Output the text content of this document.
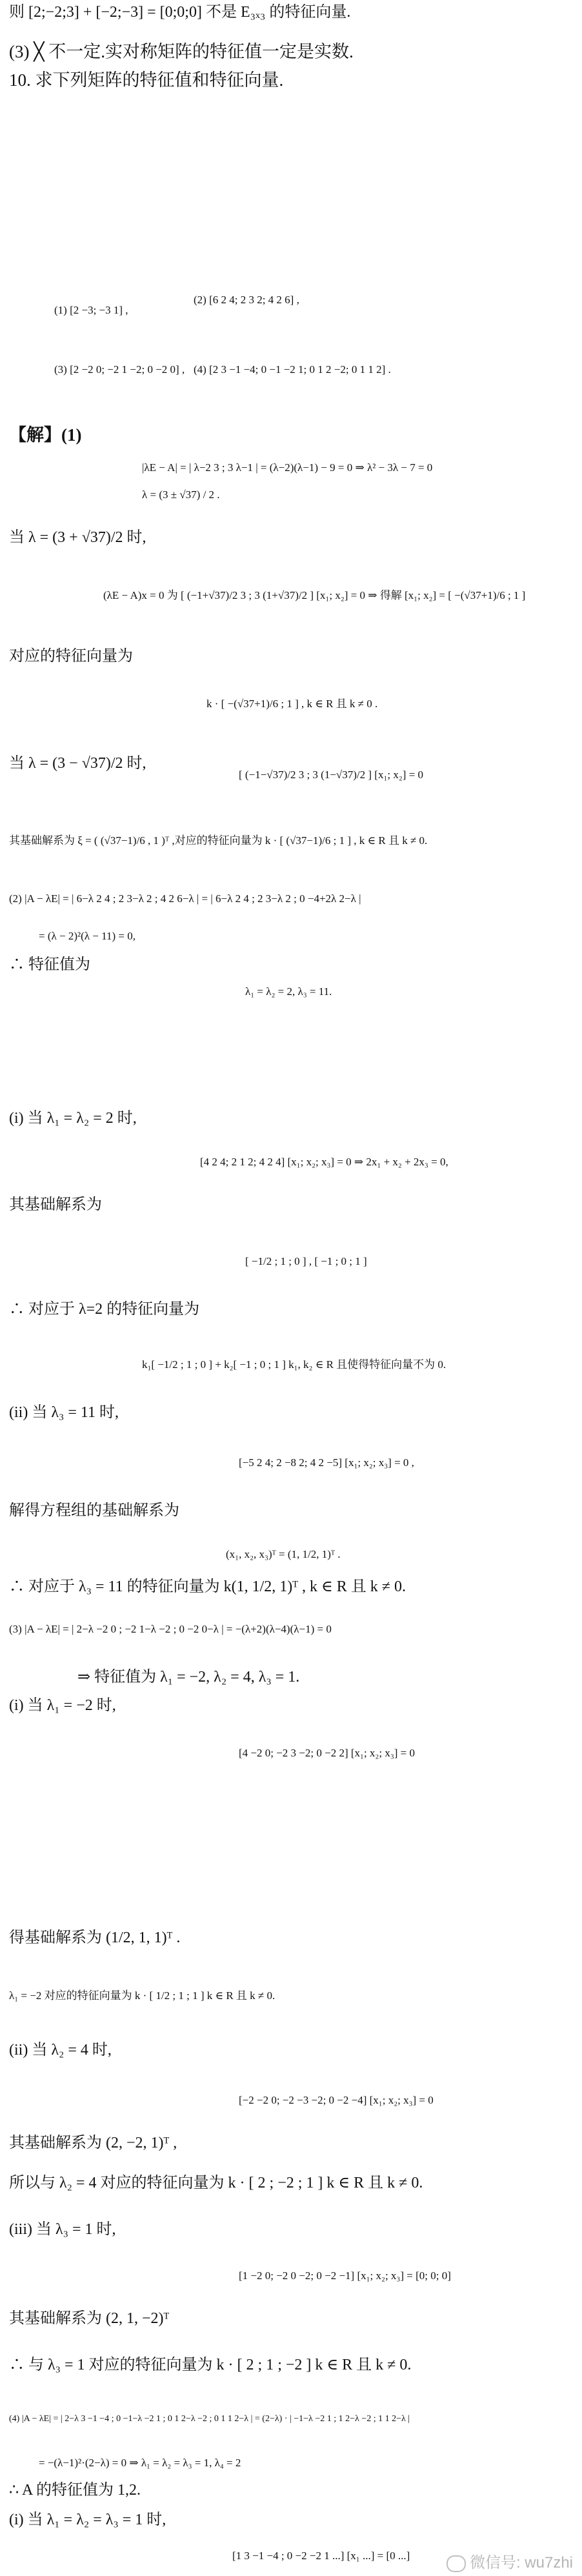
则 [2;−2;3] + [−2;−3] = [0;0;0] 不是 E₃ₓ₃ 的特征向量.
(3) ╳ 不一定.实对称矩阵的特征值一定是实数.
10. 求下列矩阵的特征值和特征向量.
(1) [2 −3; −3 1] ,
(2) [6 2 4; 2 3 2; 4 2 6] ,
(3) [2 −2 0; −2 1 −2; 0 −2 0] , (4) [2 3 −1 −4; 0 −1 −2 1; 0 1 2 −2; 0 1 1 2] .
【解】(1)
|λE − A| = | λ−2 3 ; 3 λ−1 | = (λ−2)(λ−1) − 9 = 0 ⇒ λ² − 3λ − 7 = 0
λ = (3 ± √37) / 2 .
当 λ = (3 + √37)/2 时,
(λE − A)x = 0 为 [ (−1+√37)/2 3 ; 3 (1+√37)/2 ] [x₁; x₂] = 0 ⇒ 得解 [x₁; x₂] = [ −(√37+1)/6 ; 1 ]
对应的特征向量为
k · [ −(√37+1)/6 ; 1 ] , k ∈ R 且 k ≠ 0 .
当 λ = (3 − √37)/2 时,
[ (−1−√37)/2 3 ; 3 (1−√37)/2 ] [x₁; x₂] = 0
其基础解系为 ξ = ( (√37−1)/6 , 1 )ᵀ ,对应的特征向量为 k · [ (√37−1)/6 ; 1 ] , k ∈ R 且 k ≠ 0.
(2) |A − λE| = | 6−λ 2 4 ; 2 3−λ 2 ; 4 2 6−λ | = | 6−λ 2 4 ; 2 3−λ 2 ; 0 −4+2λ 2−λ |
= (λ − 2)²(λ − 11) = 0,
∴ 特征值为
λ₁ = λ₂ = 2, λ₃ = 11.
(i) 当 λ₁ = λ₂ = 2 时,
[4 2 4; 2 1 2; 4 2 4] [x₁; x₂; x₃] = 0 ⇒ 2x₁ + x₂ + 2x₃ = 0,
其基础解系为
[ −1/2 ; 1 ; 0 ] , [ −1 ; 0 ; 1 ]
∴ 对应于 λ=2 的特征向量为
k₁[ −1/2 ; 1 ; 0 ] + k₂[ −1 ; 0 ; 1 ] k₁, k₂ ∈ R 且使得特征向量不为 0.
(ii) 当 λ₃ = 11 时,
[−5 2 4; 2 −8 2; 4 2 −5] [x₁; x₂; x₃] = 0 ,
解得方程组的基础解系为
(x₁, x₂, x₃)ᵀ = (1, 1/2, 1)ᵀ .
∴ 对应于 λ₃ = 11 的特征向量为 k(1, 1/2, 1)ᵀ , k ∈ R 且 k ≠ 0.
(3) |A − λE| = | 2−λ −2 0 ; −2 1−λ −2 ; 0 −2 0−λ | = −(λ+2)(λ−4)(λ−1) = 0
⇒ 特征值为 λ₁ = −2, λ₂ = 4, λ₃ = 1.
(i) 当 λ₁ = −2 时,
[4 −2 0; −2 3 −2; 0 −2 2] [x₁; x₂; x₃] = 0
得基础解系为 (1/2, 1, 1)ᵀ .
λ₁ = −2 对应的特征向量为 k · [ 1/2 ; 1 ; 1 ] k ∈ R 且 k ≠ 0.
(ii) 当 λ₂ = 4 时,
[−2 −2 0; −2 −3 −2; 0 −2 −4] [x₁; x₂; x₃] = 0
其基础解系为 (2, −2, 1)ᵀ ,
所以与 λ₂ = 4 对应的特征向量为 k · [ 2 ; −2 ; 1 ] k ∈ R 且 k ≠ 0.
(iii) 当 λ₃ = 1 时,
[1 −2 0; −2 0 −2; 0 −2 −1] [x₁; x₂; x₃] = [0; 0; 0]
其基础解系为 (2, 1, −2)ᵀ
∴ 与 λ₃ = 1 对应的特征向量为 k · [ 2 ; 1 ; −2 ] k ∈ R 且 k ≠ 0.
(4) |A − λE| = | 2−λ 3 −1 −4 ; 0 −1−λ −2 1 ; 0 1 2−λ −2 ; 0 1 1 2−λ | = (2−λ) · | −1−λ −2 1 ; 1 2−λ −2 ; 1 1 2−λ |
= −(λ−1)²·(2−λ) = 0 ⇒ λ₁ = λ₂ = λ₃ = 1, λ₄ = 2
∴ A 的特征值为 1,2.
(i) 当 λ₁ = λ₂ = λ₃ = 1 时,
[1 3 −1 −4 ; 0 −2 −2 1 ...] [x₁ ...] = [0 ...]	微信号: wu7zhi
